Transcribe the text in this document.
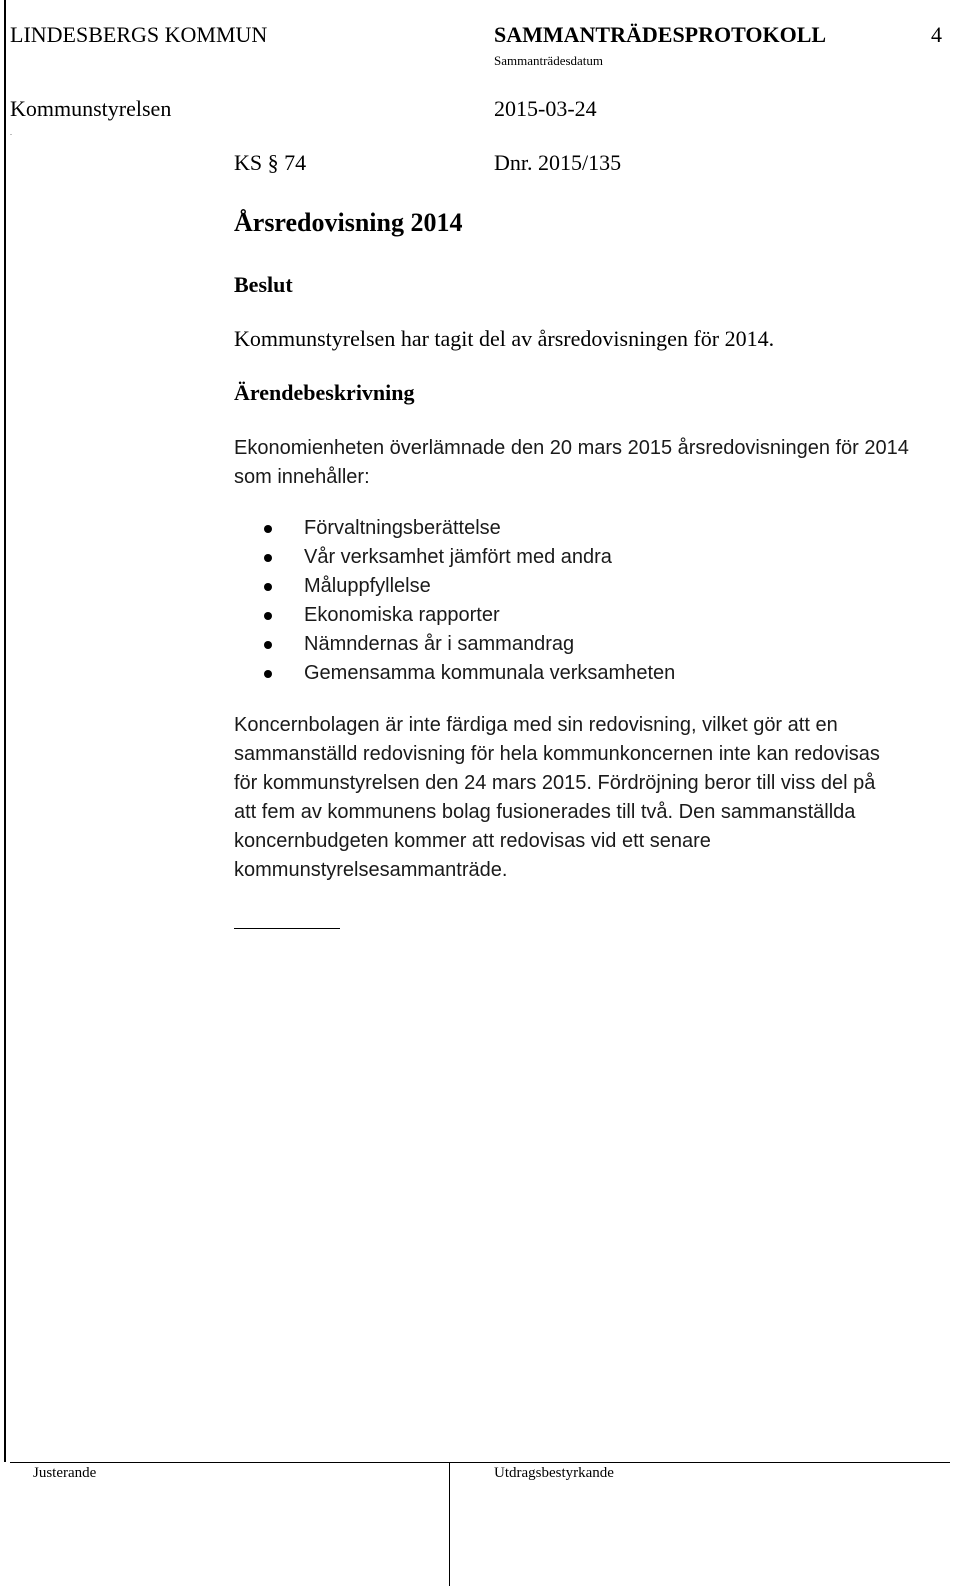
LINDESBERGS KOMMUN	SAMMANTRÄDESPROTOKOLL	4
Sammanträdesdatum
Kommunstyrelsen	2015-03-24
.
KS § 74	Dnr. 2015/135
Årsredovisning 2014
Beslut
Kommunstyrelsen har tagit del av årsredovisningen för 2014.
Ärendebeskrivning
Ekonomienheten överlämnade den 20 mars 2015 årsredovisningen för 2014
som innehåller:
Förvaltningsberättelse
Vår verksamhet jämfört med andra
Måluppfyllelse
Ekonomiska rapporter
Nämndernas år i sammandrag
Gemensamma kommunala verksamheten
Koncernbolagen är inte färdiga med sin redovisning, vilket gör att en
sammanställd redovisning för hela kommunkoncernen inte kan redovisas
för kommunstyrelsen den 24 mars 2015. Fördröjning beror till viss del på
att fem av kommunens bolag fusionerades till två. Den sammanställda
koncernbudgeten kommer att redovisas vid ett senare
kommunstyrelsesammanträde.
Justerande	Utdragsbestyrkande
